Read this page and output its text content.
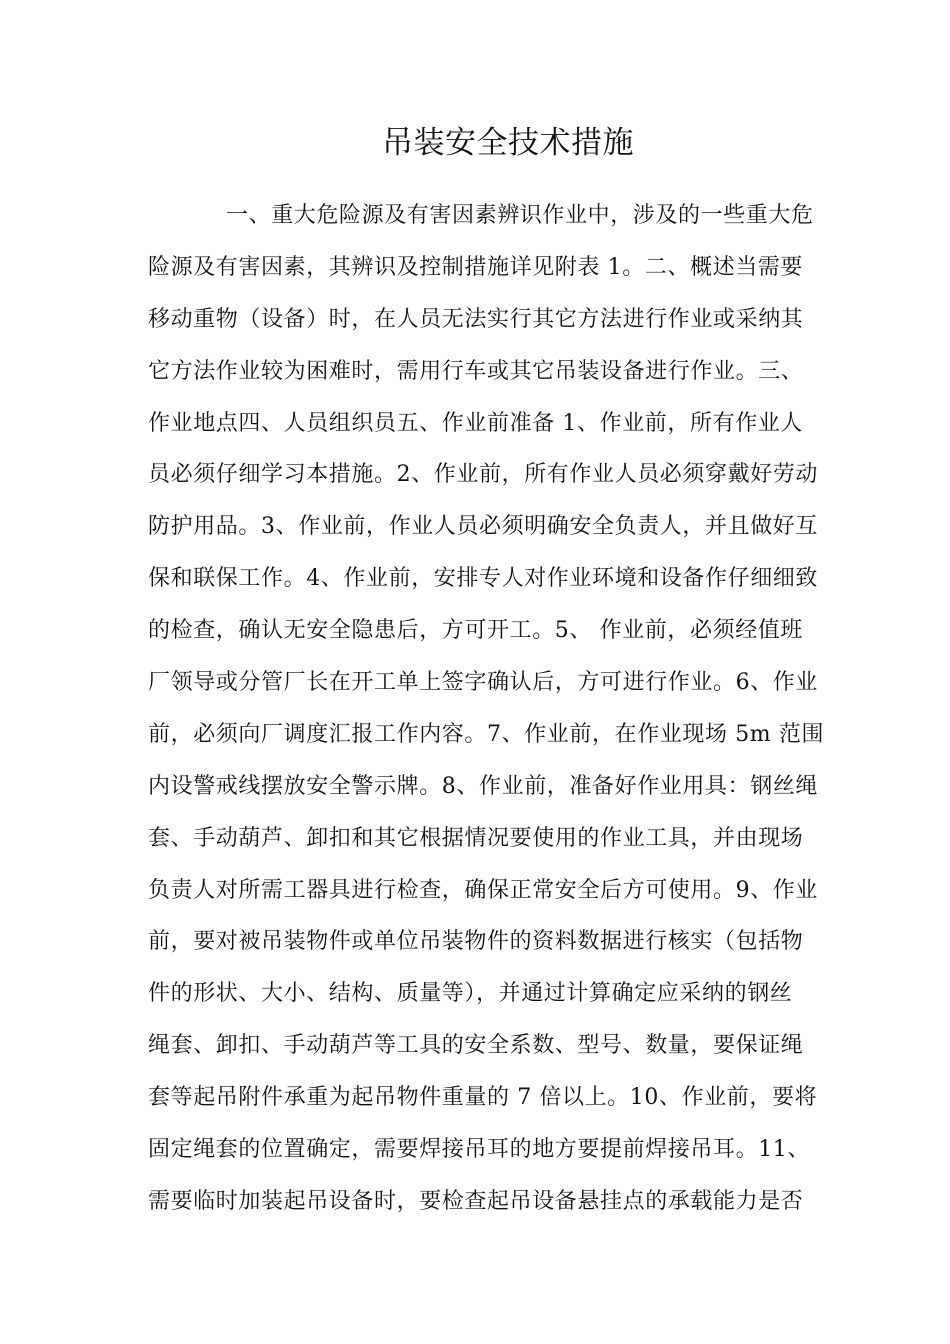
吊装安全技术措施
一、重大危险源及有害因素辨识作业中，涉及的一些重大危
险源及有害因素，其辨识及控制措施详见附表 1。二、概述当需要
移动重物（设备）时，在人员无法实行其它方法进行作业或采纳其
它方法作业较为困难时，需用行车或其它吊装设备进行作业。三、
作业地点四、人员组织员五、作业前准备 1、作业前，所有作业人
员必须仔细学习本措施。2、作业前，所有作业人员必须穿戴好劳动
防护用品。3、作业前，作业人员必须明确安全负责人，并且做好互
保和联保工作。4、作业前，安排专人对作业环境和设备作仔细细致
的检查，确认无安全隐患后，方可开工。5、 作业前，必须经值班
厂领导或分管厂长在开工单上签字确认后，方可进行作业。6、作业
前，必须向厂调度汇报工作内容。7、作业前，在作业现场 5m 范围
内设警戒线摆放安全警示牌。8、作业前，准备好作业用具：钢丝绳
套、手动葫芦、卸扣和其它根据情况要使用的作业工具，并由现场
负责人对所需工器具进行检查，确保正常安全后方可使用。9、作业
前，要对被吊装物件或单位吊装物件的资料数据进行核实（包括物
件的形状、大小、结构、质量等），并通过计算确定应采纳的钢丝
绳套、卸扣、手动葫芦等工具的安全系数、型号、数量，要保证绳
套等起吊附件承重为起吊物件重量的 7 倍以上。10、作业前，要将
固定绳套的位置确定，需要焊接吊耳的地方要提前焊接吊耳。11、
需要临时加装起吊设备时，要检查起吊设备悬挂点的承载能力是否
